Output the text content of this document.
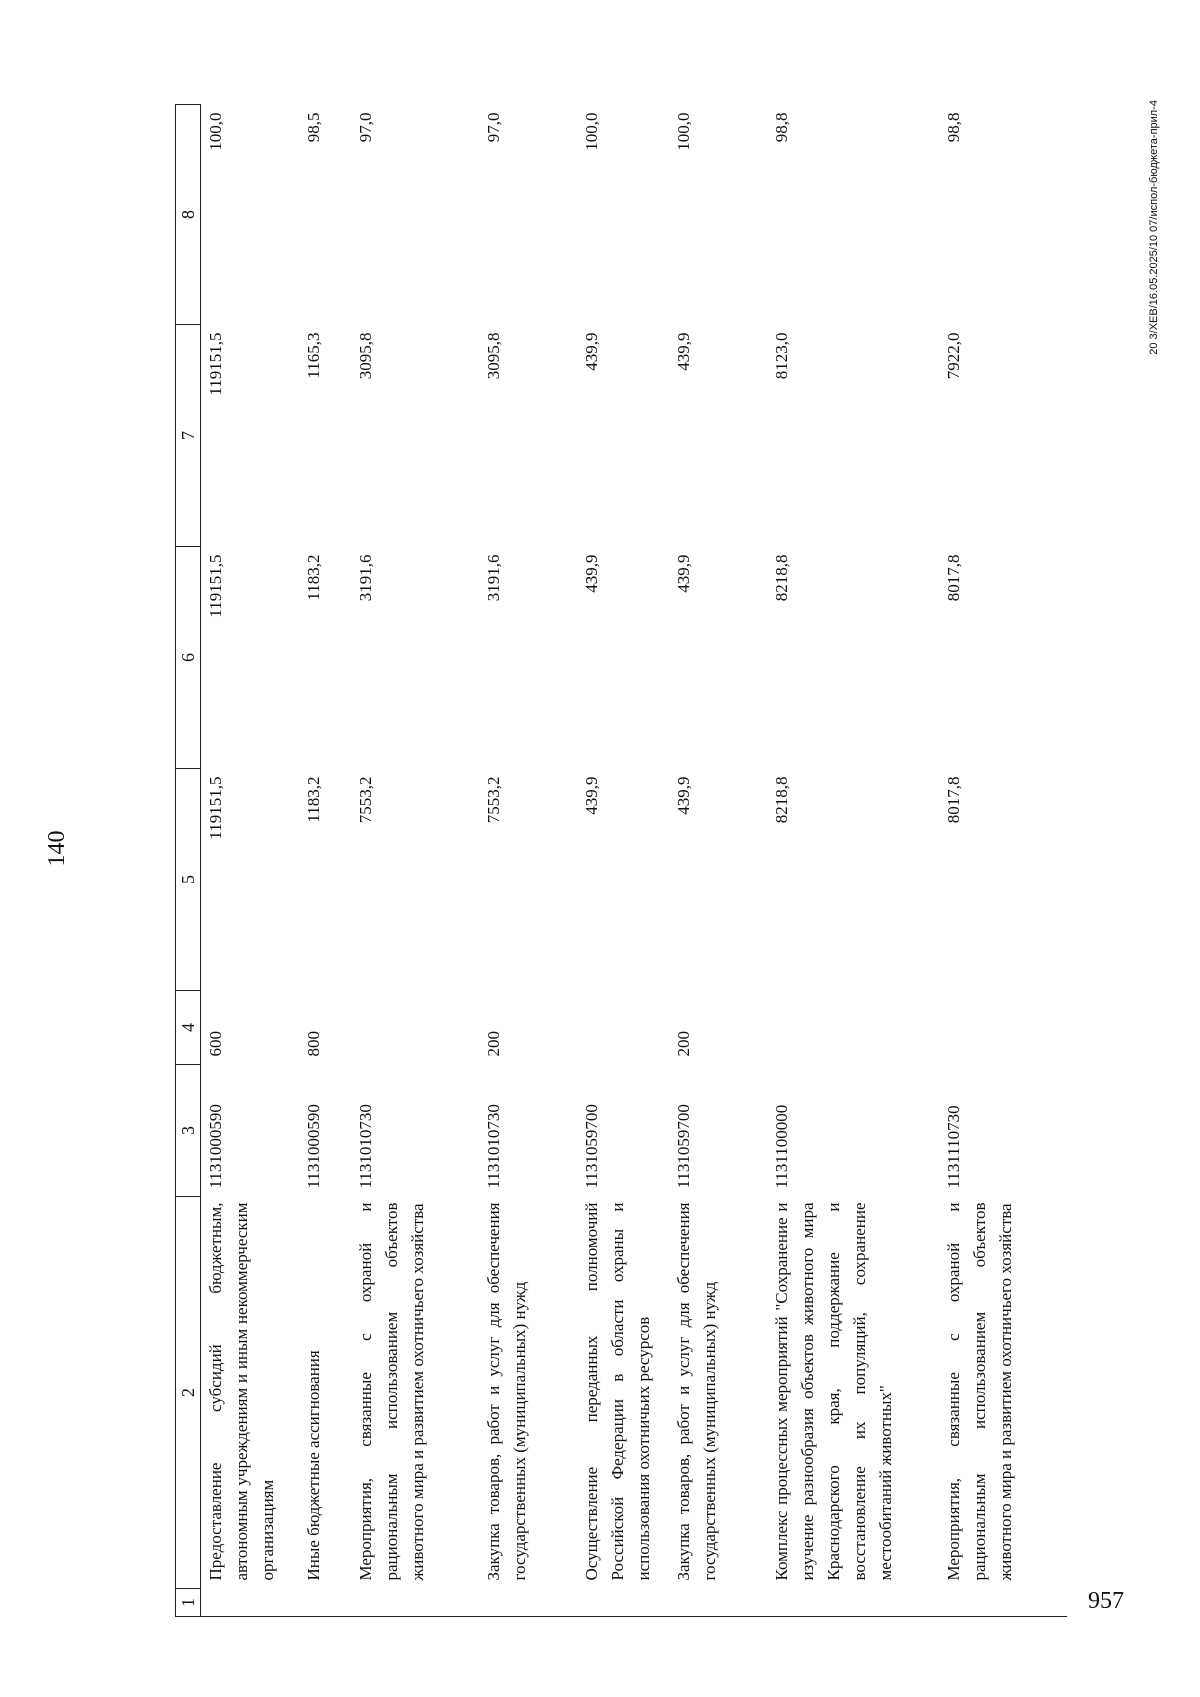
140
1	2	3	4	5	6	7	8
	Предоставление субсидий бюджетным, автономным учреждениям и иным некоммерческим организациям	1131000590	600	119151,5	119151,5	119151,5	100,0
	Иные бюджетные ассигнования	1131000590	800	1183,2	1183,2	1165,3	98,5
	Мероприятия, связанные с охраной и рациональным использованием объектов животного мира и развитием охотничьего хозяйства	1131010730		7553,2	3191,6	3095,8	97,0
	Закупка товаров, работ и услуг для обеспечения государственных (муниципальных) нужд	1131010730	200	7553,2	3191,6	3095,8	97,0
	Осуществление переданных полномочий Российской Федерации в области охраны и использования охотничьих ресурсов	1131059700		439,9	439,9	439,9	100,0
	Закупка товаров, работ и услуг для обеспечения государственных (муниципальных) нужд	1131059700	200	439,9	439,9	439,9	100,0
	Комплекс процессных мероприятий "Сохранение и изучение разнообразия объектов животного мира Краснодарского края, поддержание и восстановление их популяций, сохранение местообитаний животных"	1131100000		8218,8	8218,8	8123,0	98,8
	Мероприятия, связанные с охраной и рациональным использованием объектов животного мира и развитием охотничьего хозяйства	1131110730		8017,8	8017,8	7922,0	98,8	20 3/XEB/16.05.2025/10 07/испол-бюджета-прил-4
957
